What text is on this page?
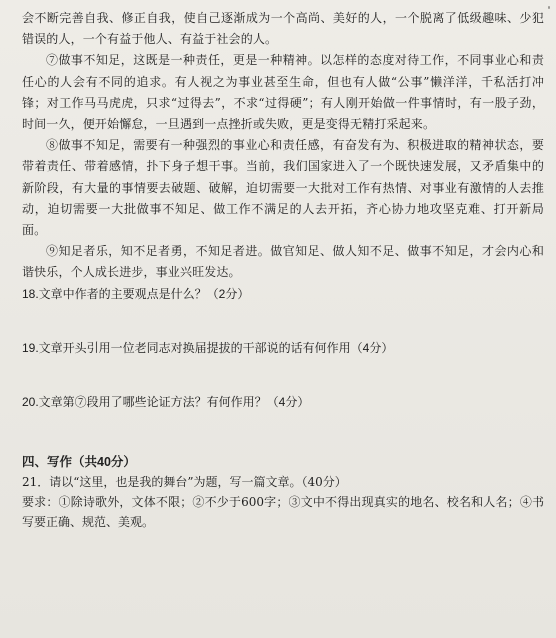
会不断完善自我、修正自我，使自己逐渐成为一个高尚、美好的人，一个脱离了低级趣味、少犯错误的人，一个有益于他人、有益于社会的人。

⑦做事不知足，这既是一种责任，更是一种精神。以怎样的态度对待工作，不同事业心和责任心的人会有不同的追求。有人视之为事业甚至生命，但也有人做“公事”懒洋洋，千私活打冲锋；对工作马马虎虎，只求“过得去”，不求“过得硬”；有人刚开始做一件事情时，有一股子劲，时间一久，便开始懈怠，一旦遇到一点挫折或失败，更是变得无精打采起来。

⑧做事不知足，需要有一种强烈的事业心和责任感，有奋发有为、积极进取的精神状态，要带着责任、带着感情，扑下身子想干事。当前，我们国家进入了一个既快速发展，又矛盾集中的新阶段，有大量的事情要去破题、破解，迫切需要一大批对工作有热情、对事业有激情的人去推动，迫切需要一大批做事不知足、做工作不满足的人去开拓，齐心协力地攻坚克难、打开新局面。

⑨知足者乐，知不足者勇，不知足者进。做官知足、做人知不足、做事不知足，才会内心和谐快乐，个人成长进步，事业兴旺发达。

18.文章中作者的主要观点是什么？（2分）

19.文章开头引用一位老同志对换届提拔的干部说的话有何作用（4分）

20.文章第⑦段用了哪些论证方法？有何作用？（4分）

四、写作（共40分）

21．请以“这里，也是我的舞台”为题，写一篇文章。（40分）

要求：①除诗歌外，文体不限；②不少于600字；③文中不得出现真实的地名、校名和人名；④书写要正确、规范、美观。
